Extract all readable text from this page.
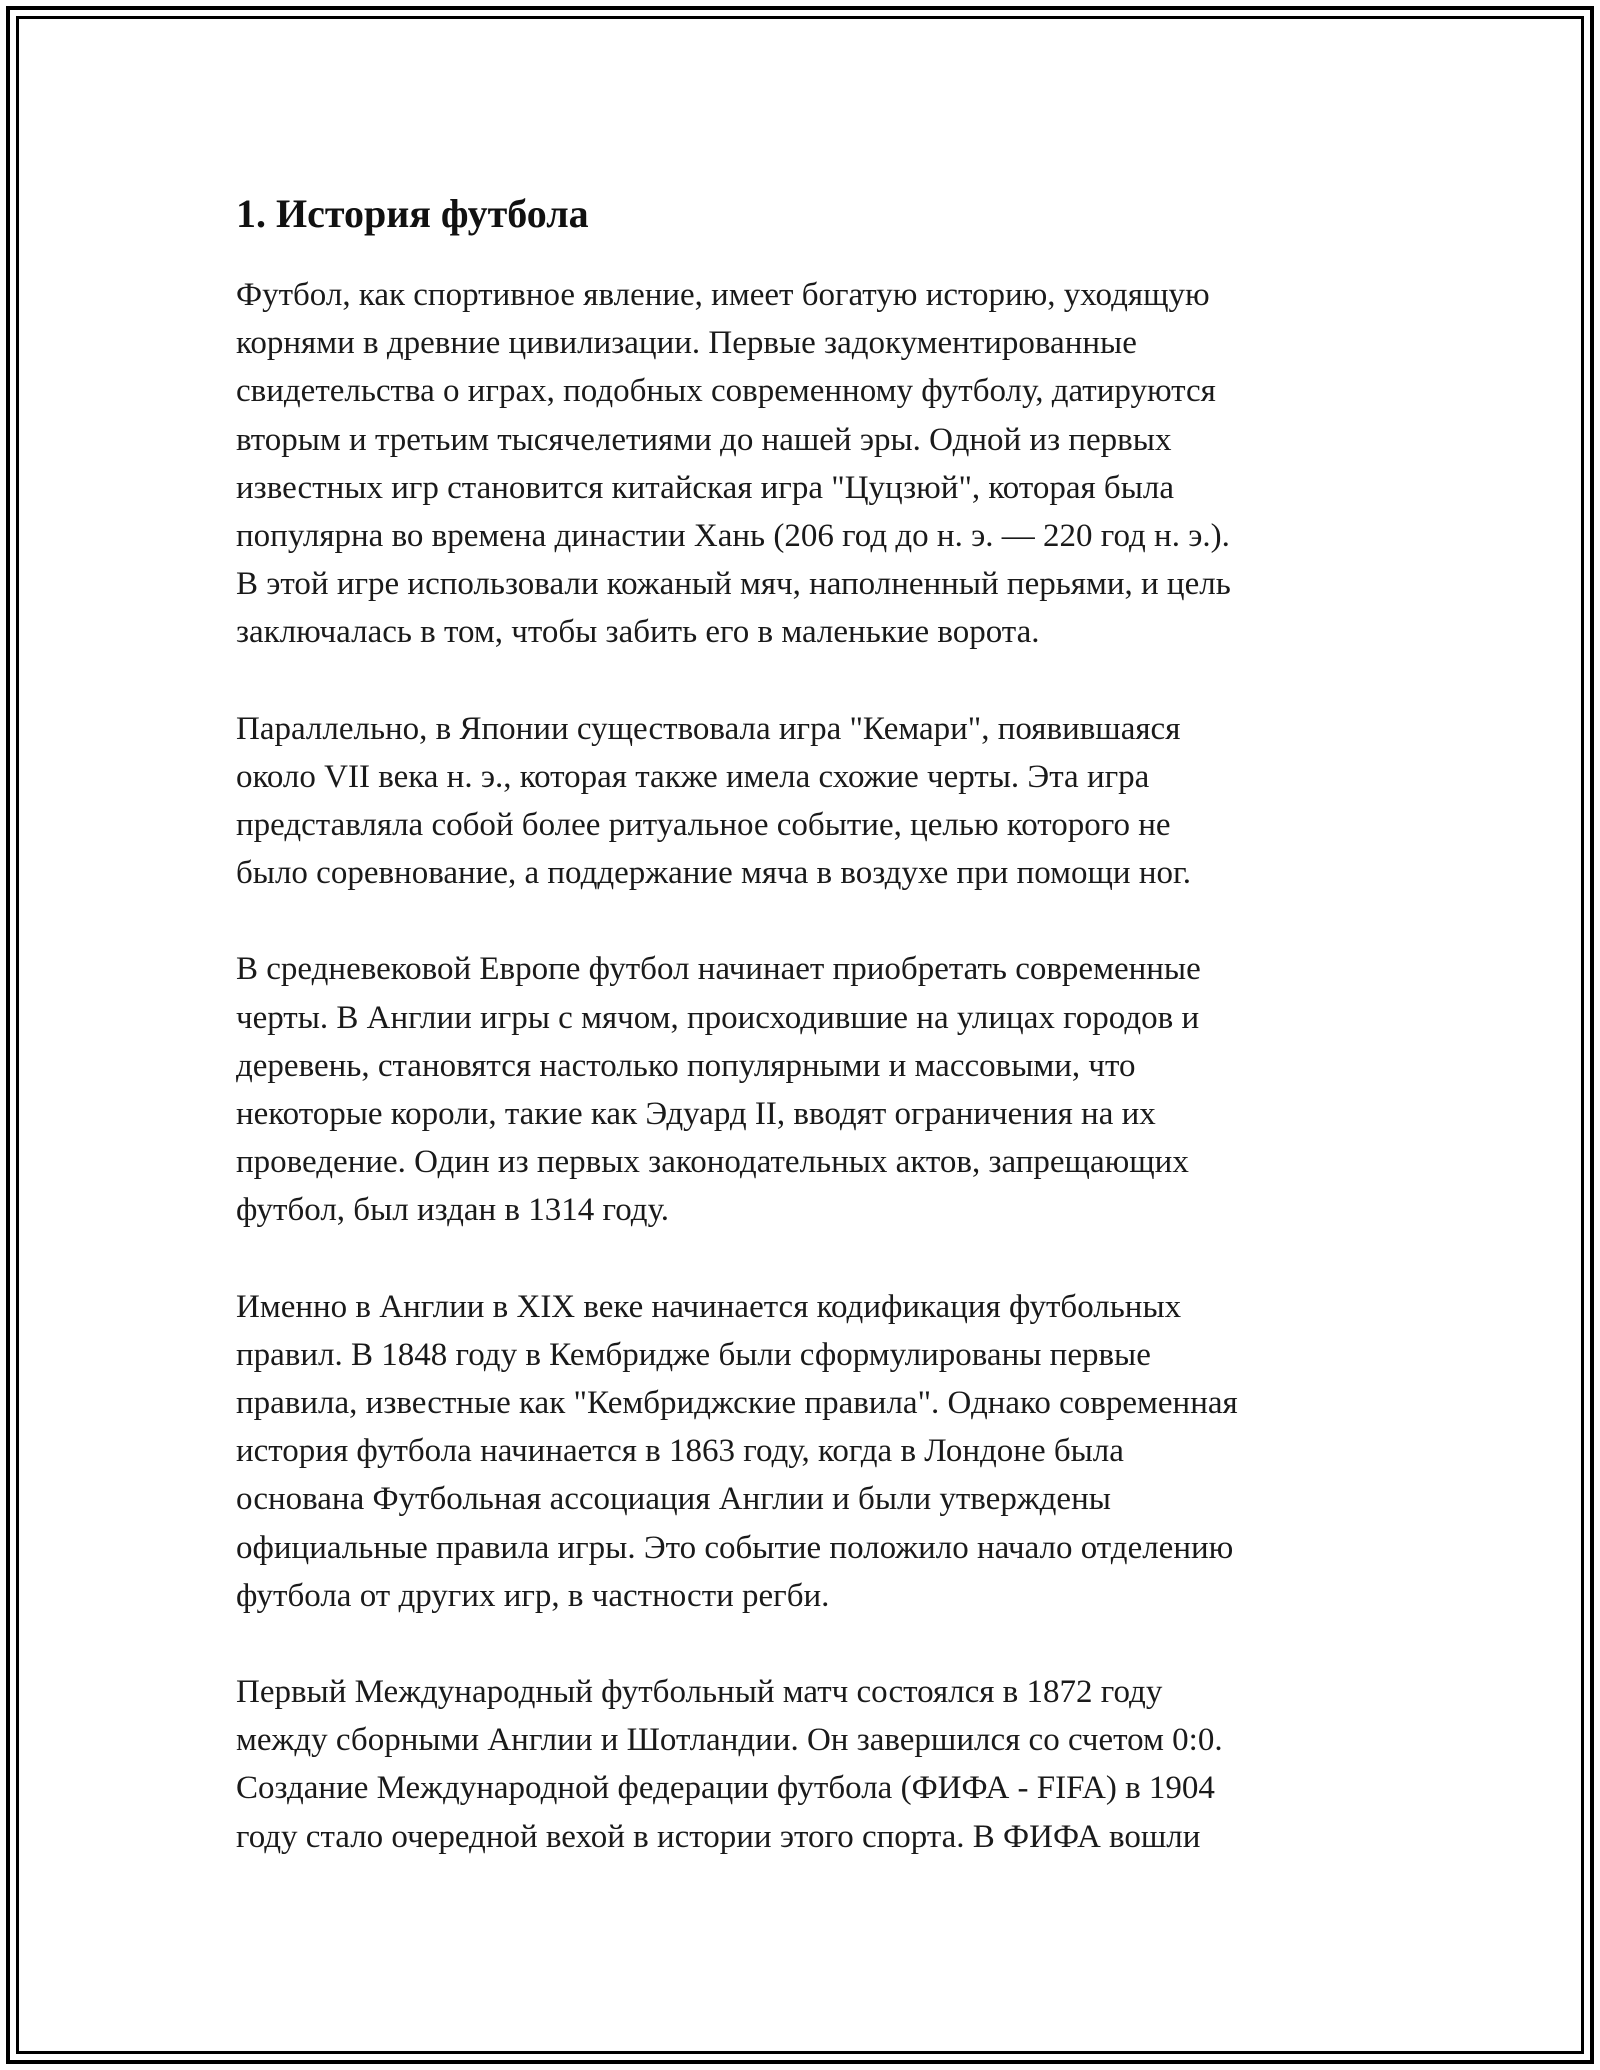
1. История футбола

Футбол, как спортивное явление, имеет богатую историю, уходящую
корнями в древние цивилизации. Первые задокументированные
свидетельства о играх, подобных современному футболу, датируются
вторым и третьим тысячелетиями до нашей эры. Одной из первых
известных игр становится китайская игра "Цуцзюй", которая была
популярна во времена династии Хань (206 год до н. э. — 220 год н. э.).
В этой игре использовали кожаный мяч, наполненный перьями, и цель
заключалась в том, чтобы забить его в маленькие ворота.

Параллельно, в Японии существовала игра "Кемари", появившаяся
около VII века н. э., которая также имела схожие черты. Эта игра
представляла собой более ритуальное событие, целью которого не
было соревнование, а поддержание мяча в воздухе при помощи ног.

В средневековой Европе футбол начинает приобретать современные
черты. В Англии игры с мячом, происходившие на улицах городов и
деревень, становятся настолько популярными и массовыми, что
некоторые короли, такие как Эдуард II, вводят ограничения на их
проведение. Один из первых законодательных актов, запрещающих
футбол, был издан в 1314 году.

Именно в Англии в XIX веке начинается кодификация футбольных
правил. В 1848 году в Кембридже были сформулированы первые
правила, известные как "Кембриджские правила". Однако современная
история футбола начинается в 1863 году, когда в Лондоне была
основана Футбольная ассоциация Англии и были утверждены
официальные правила игры. Это событие положило начало отделению
футбола от других игр, в частности регби.

Первый Международный футбольный матч состоялся в 1872 году
между сборными Англии и Шотландии. Он завершился со счетом 0:0.
Создание Международной федерации футбола (ФИФА - FIFA) в 1904
году стало очередной вехой в истории этого спорта. В ФИФА вошли
